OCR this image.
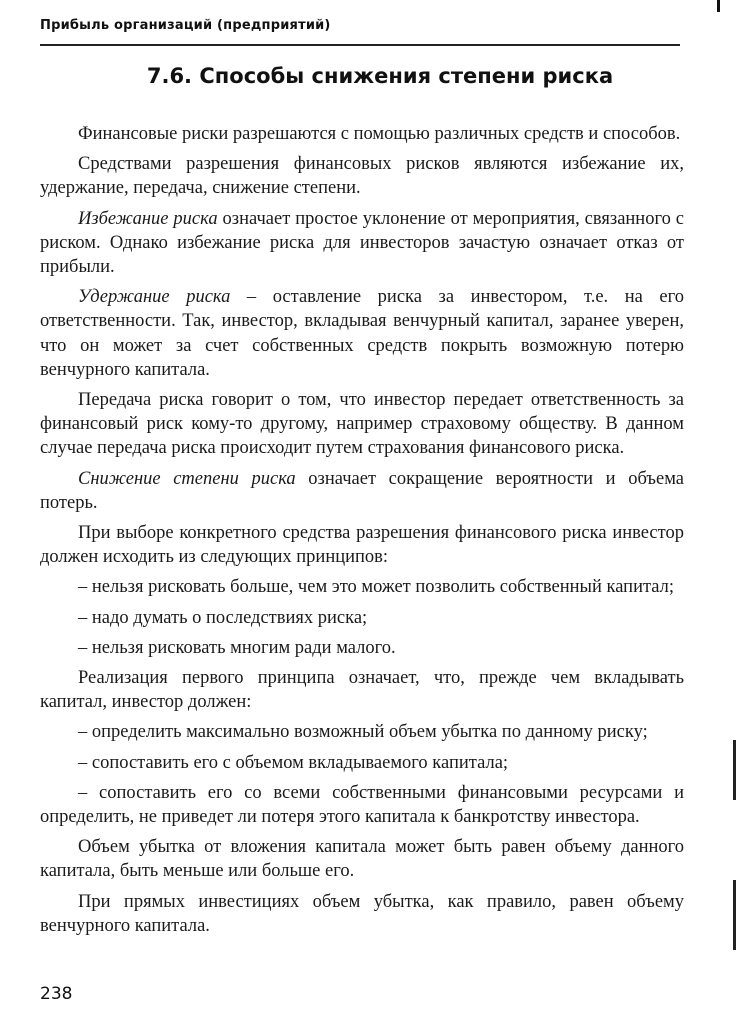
Прибыль организаций (предприятий)
7.6. Способы снижения степени риска

Финансовые риски разрешаются с помощью различных средств и способов.

Средствами разрешения финансовых рисков являются избежание их, удержание, передача, снижение степени.

Избежание риска означает простое уклонение от мероприятия, связанного с риском. Однако избежание риска для инвесторов зачастую означает отказ от прибыли.

Удержание риска – оставление риска за инвестором, т.е. на его ответственности. Так, инвестор, вкладывая венчурный капитал, заранее уверен, что он может за счет собственных средств покрыть возможную потерю венчурного капитала.

Передача риска говорит о том, что инвестор передает ответственность за финансовый риск кому-то другому, например страховому обществу. В данном случае передача риска происходит путем страхования финансового риска.

Снижение степени риска означает сокращение вероятности и объема потерь.

При выборе конкретного средства разрешения финансового риска инвестор должен исходить из следующих принципов:

– нельзя рисковать больше, чем это может позволить собственный капитал;

– надо думать о последствиях риска;

– нельзя рисковать многим ради малого.

Реализация первого принципа означает, что, прежде чем вкладывать капитал, инвестор должен:

– определить максимально возможный объем убытка по данному риску;

– сопоставить его с объемом вкладываемого капитала;

– сопоставить его со всеми собственными финансовыми ресурсами и определить, не приведет ли потеря этого капитала к банкротству инвестора.

Объем убытка от вложения капитала может быть равен объему данного капитала, быть меньше или больше его.

При прямых инвестициях объем убытка, как правило, равен объему венчурного капитала.

238
